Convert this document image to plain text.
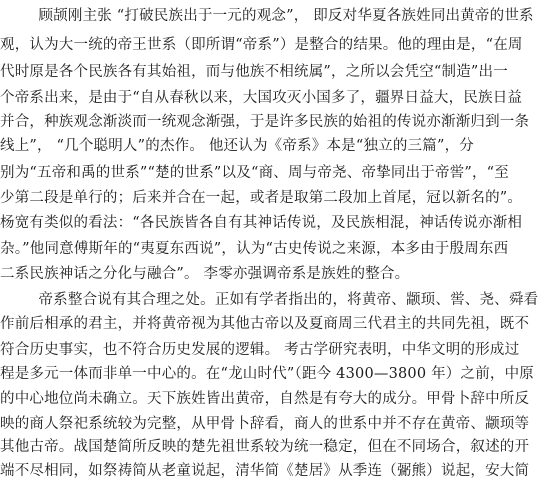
顾颉刚主张 “打破民族出于一元的观念”， 即反对华夏各族姓同出黄帝的世系
观，认为大一统的帝王世系（即所谓“帝系”）是整合的结果。他的理由是，“在周
代时原是各个民族各有其始祖，而与他族不相统属”，之所以会凭空“制造”出一
个帝系出来，是由于“自从春秋以来，大国攻灭小国多了，疆界日益大，民族日益
并合，种族观念渐淡而一统观念渐强，于是许多民族的始祖的传说亦渐渐归到一条
线上”， “几个聪明人”的杰作。 他还认为《帝系》本是“独立的三篇”，分
别为“五帝和禹的世系”“楚的世系”以及“商、周与帝尧、帝挚同出于帝喾”，“至
少第二段是单行的；后来并合在一起，或者是取第二段加上首尾，冠以新名的”。
杨宽有类似的看法：“各民族皆各自有其神话传说，及民族相混，神话传说亦渐相
杂。”他同意傅斯年的“夷夏东西说”，认为“古史传说之来源，本多由于殷周东西
二系民族神话之分化与融合”。 李零亦强调帝系是族姓的整合。
帝系整合说有其合理之处。正如有学者指出的，将黄帝、颛顼、喾、尧、舜看
作前后相承的君主，并将黄帝视为其他古帝以及夏商周三代君主的共同先祖，既不
符合历史事实，也不符合历史发展的逻辑。 考古学研究表明，中华文明的形成过
程是多元一体而非单一中心的。在“龙山时代”（距今 4300—3800 年）之前，中原
的中心地位尚未确立。天下族姓皆出黄帝，自然是有夸大的成分。甲骨卜辞中所反
映的商人祭祀系统较为完整，从甲骨卜辞看，商人的世系中并不存在黄帝、颛顼等
其他古帝。战国楚简所反映的楚先祖世系较为统一稳定，但在不同场合，叙述的开
端不尽相同，如祭祷简从老童说起，清华简《楚居》从季连（䰜熊）说起，安大简
